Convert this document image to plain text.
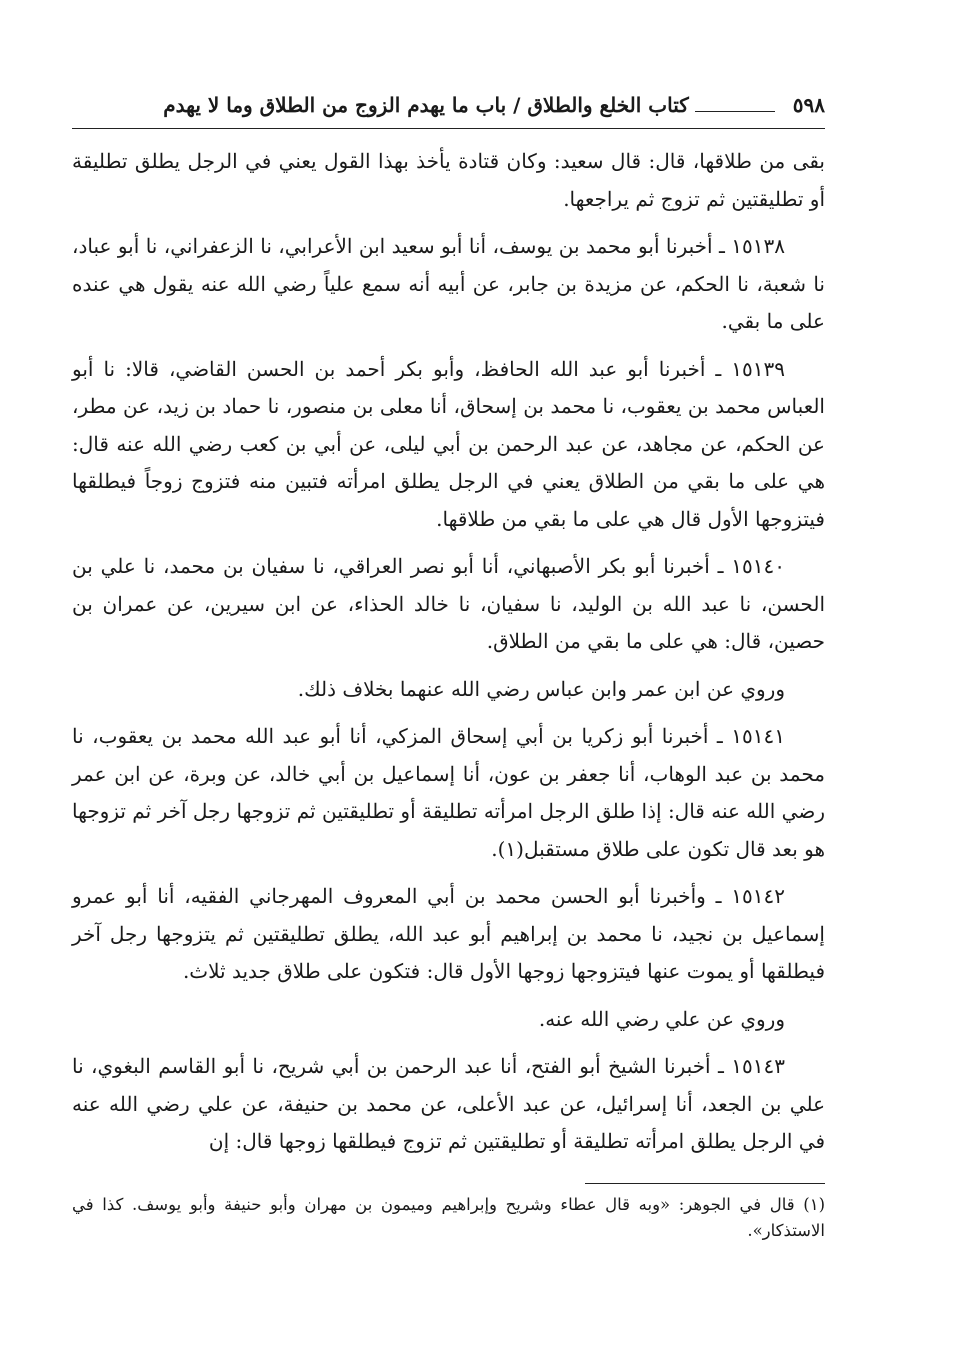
٥٩٨
كتاب الخلع والطلاق / باب ما يهدم الزوج من الطلاق وما لا يهدم

بقى من طلاقها، قال: قال سعيد: وكان قتادة يأخذ بهذا القول يعني في الرجل يطلق تطليقة أو تطليقتين ثم تزوج ثم يراجعها.

١٥١٣٨ ـ أخبرنا أبو محمد بن يوسف، أنا أبو سعيد ابن الأعرابي، نا الزعفراني، نا أبو عباد، نا شعبة، نا الحكم، عن مزيدة بن جابر، عن أبيه أنه سمع علياً رضي الله عنه يقول هي عنده على ما بقي.

١٥١٣٩ ـ أخبرنا أبو عبد الله الحافظ، وأبو بكر أحمد بن الحسن القاضي، قالا: نا أبو العباس محمد بن يعقوب، نا محمد بن إسحاق، أنا معلى بن منصور، نا حماد بن زيد، عن مطر، عن الحكم، عن مجاهد، عن عبد الرحمن بن أبي ليلى، عن أبي بن كعب رضي الله عنه قال: هي على ما بقي من الطلاق يعني في الرجل يطلق امرأته فتبين منه فتزوج زوجاً فيطلقها فيتزوجها الأول قال هي على ما بقي من طلاقها.

١٥١٤٠ ـ أخبرنا أبو بكر الأصبهاني، أنا أبو نصر العراقي، نا سفيان بن محمد، نا علي بن الحسن، نا عبد الله بن الوليد، نا سفيان، نا خالد الحذاء، عن ابن سيرين، عن عمران بن حصين، قال: هي على ما بقي من الطلاق.

وروي عن ابن عمر وابن عباس رضي الله عنهما بخلاف ذلك.

١٥١٤١ ـ أخبرنا أبو زكريا بن أبي إسحاق المزكي، أنا أبو عبد الله محمد بن يعقوب، نا محمد بن عبد الوهاب، أنا جعفر بن عون، أنا إسماعيل بن أبي خالد، عن وبرة، عن ابن عمر رضي الله عنه قال: إذا طلق الرجل امرأته تطليقة أو تطليقتين ثم تزوجها رجل آخر ثم تزوجها هو بعد قال تكون على طلاق مستقبل(١).

١٥١٤٢ ـ وأخبرنا أبو الحسن محمد بن أبي المعروف المهرجاني الفقيه، أنا أبو عمرو إسماعيل بن نجيد، نا محمد بن إبراهيم أبو عبد الله، يطلق تطليقتين ثم يتزوجها رجل آخر فيطلقها أو يموت عنها فيتزوجها زوجها الأول قال: فتكون على طلاق جديد ثلاث.

وروي عن علي رضي الله عنه.

١٥١٤٣ ـ أخبرنا الشيخ أبو الفتح، أنا عبد الرحمن بن أبي شريح، نا أبو القاسم البغوي، نا علي بن الجعد، أنا إسرائيل، عن عبد الأعلى، عن محمد بن حنيفة، عن علي رضي الله عنه في الرجل يطلق امرأته تطليقة أو تطليقتين ثم تزوج فيطلقها زوجها قال: إن

(١) قال في الجوهر: «وبه قال عطاء وشريح وإبراهيم وميمون بن مهران وأبو حنيفة وأبو يوسف. كذا في الاستذكار».
